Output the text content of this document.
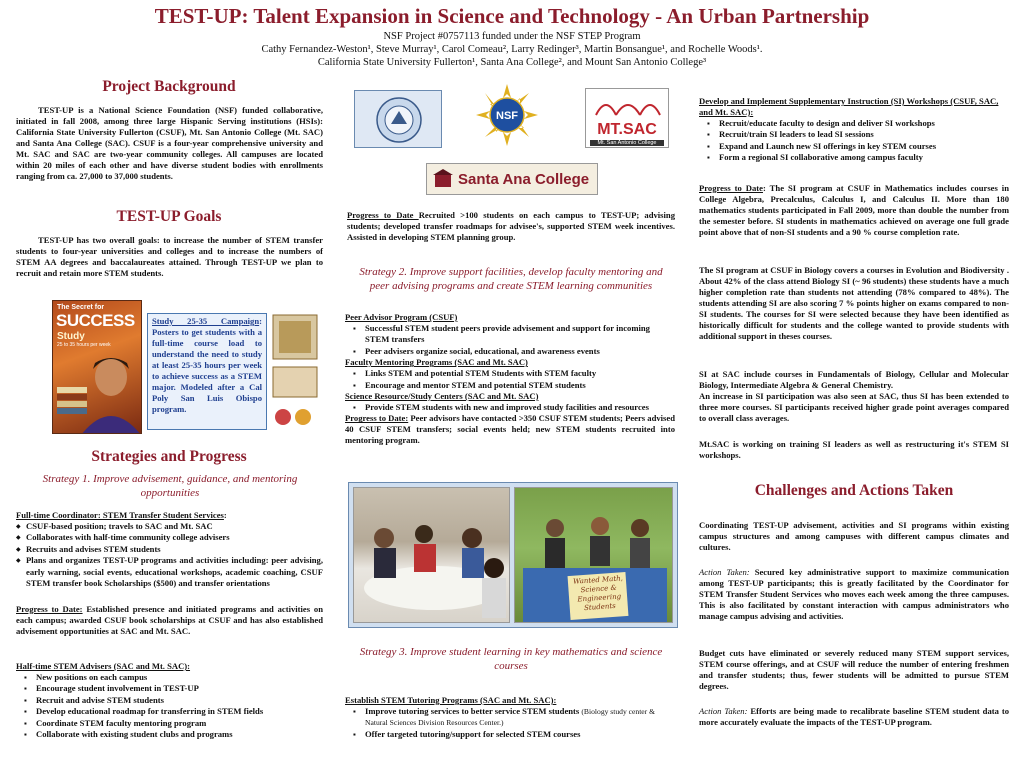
TEST-UP: Talent Expansion in Science and Technology - An Urban Partnership
NSF Project #0757113 funded under the NSF STEP Program
Cathy Fernandez-Weston¹, Steve Murray¹, Carol Comeau², Larry Redinger³, Martin Bonsangue¹, and Rochelle Woods¹.
California State University Fullerton¹, Santa Ana College², and Mount San Antonio College³
Project Background

TEST-UP is a National Science Foundation (NSF) funded collaborative, initiated in fall 2008, among three large Hispanic Serving institutions (HSIs): California State University Fullerton (CSUF), Mt. San Antonio College (Mt. SAC) and Santa Ana College (SAC). CSUF is a four-year comprehensive university and Mt. SAC and SAC are two-year community colleges. All campuses are located within 20 miles of each other and have diverse student bodies with enrollments ranging from ca. 27,000 to 37,000 students.

TEST-UP Goals

TEST-UP has two overall goals: to increase the number of STEM transfer students to four-year universities and colleges and to increase the numbers of STEM AA degrees and baccalaureates attained. Through TEST-UP we plan to recruit and retain more STEM students.

The Secret for
SUCCESS
Study
25 to 35 hours per week
Study 25-35 Campaign: Posters to get students with a full-time course load to understand the need to study at least 25-35 hours per week to achieve success as a STEM major. Modeled after a Cal Poly San Luis Obispo program.
Strategies and Progress
Strategy 1. Improve advisement, guidance, and mentoring opportunities
Full-time Coordinator: STEM Transfer Student Services:
◆ CSUF-based position; travels to SAC and Mt. SAC
◆ Collaborates with half-time community college advisers
◆ Recruits and advises STEM students
◆ Plans and organizes TEST-UP programs and activities including: peer advising, early warning, social events, educational workshops, academic coaching, CSUF STEM transfer book Scholarships ($500) and transfer orientations

Progress to Date: Established presence and initiated programs and activities on each campus; awarded CSUF book scholarships at CSUF and has also established advisement opportunities at SAC and Mt. SAC.

Half-time STEM Advisers (SAC and Mt. SAC):
▪ New positions on each campus
▪ Encourage student involvement in TEST-UP
▪ Recruit and advise STEM students
▪ Develop educational roadmap for transferring in STEM fields
▪ Coordinate STEM faculty mentoring program
▪ Collaborate with existing student clubs and programs
NSF
MT.SAC
Mt. San Antonio College
Santa Ana College

Progress to Date Recruited >100 students on each campus to TEST-UP; advising students; developed transfer roadmaps for advisee's, supported STEM week incentives. Assisted in developing STEM planning group.

Strategy 2. Improve support facilities, develop faculty mentoring and peer advising programs and create STEM learning communities
Peer Advisor Program (CSUF)
▪ Successful STEM student peers provide advisement and support for incoming STEM transfers
▪ Peer advisers organize social, educational, and awareness events
Faculty Mentoring Programs (SAC and Mt. SAC)
▪ Links STEM and potential STEM Students with STEM faculty
▪ Encourage and mentor STEM and potential STEM students
Science Resource/Study Centers (SAC and Mt. SAC)
▪ Provide STEM students with new and improved study facilities and resources

Progress to Date: Peer advisors have contacted >350 CSUF STEM students; Peers advised 40 CSUF STEM transfers; social events held; new STEM students recruited into mentoring program.

Wanted Math, Science & Engineering Students
Strategy 3. Improve student learning in key mathematics and science courses
Establish STEM Tutoring Programs (SAC and Mt. SAC):
▪ Improve tutoring services to better service STEM students (Biology study center & Natural Sciences Division Resources Center.)
▪ Offer targeted tutoring/support for selected STEM courses
Develop and Implement Supplementary Instruction (SI) Workshops (CSUF, SAC, and Mt. SAC):
▪ Recruit/educate faculty to design and deliver SI workshops
▪ Recruit/train SI leaders to lead SI sessions
▪ Expand and Launch new SI offerings in key STEM courses
▪ Form a regional SI collaborative among campus faculty

Progress to Date: The SI program at CSUF in Mathematics includes courses in College Algebra, Precalculus, Calculus I, and Calculus II. More than 180 mathematics students participated in Fall 2009, more than double the number from the semester before. SI students in mathematics achieved on average one full grade point above that of non-SI students and a 90 % course completion rate.

The SI program at CSUF in Biology covers a courses in Evolution and Biodiversity . About 42% of the class attend Biology SI (~ 96 students) these students have a much higher completion rate than students not attending (78% compared to 48%). The students attending SI are also scoring 7 % points higher on exams compared to non-SI students. The courses for SI were selected because they have been identified as historically difficult for students and the college wanted to provide students with additional support in theses courses.

SI at SAC include courses in Fundamentals of Biology, Cellular and Molecular Biology, Intermediate Algebra & General Chemistry.
An increase in SI participation was also seen at SAC, thus SI has been extended to three more courses. SI participants received higher grade point averages compared to overall class averages.

Mt.SAC is working on training SI leaders as well as restructuring it's STEM SI workshops.

Challenges and Actions Taken

Coordinating TEST-UP advisement, activities and SI programs within existing campus structures and among campuses with different campus climates and cultures.

Action Taken: Secured key administrative support to maximize communication among TEST-UP participants; this is greatly facilitated by the Coordinator for STEM Transfer Student Services who moves each week among the three campuses. This is also facilitated by constant interaction with campus administrators who manage campus advising and activities.

Budget cuts have eliminated or severely reduced many STEM support services, STEM course offerings, and at CSUF will reduce the number of entering freshmen and transfer students; thus, fewer students will be admitted to pursue STEM degrees.

Action Taken: Efforts are being made to recalibrate baseline STEM student data to more accurately evaluate the impacts of the TEST-UP program.
